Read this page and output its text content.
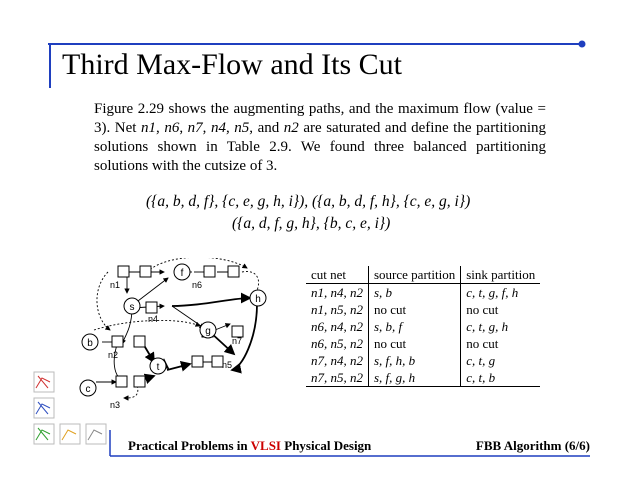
Third Max-Flow and Its Cut
Figure 2.29 shows the augmenting paths, and the maximum flow (value = 3). Net n1, n6, n7, n4, n5, and n2 are saturated and define the partitioning solutions shown in Table 2.9. We found three balanced partitioning solutions with the cutsize of 3.
({a, b, d, f}, {c, e, g, h, i}), ({a, b, d, f, h}, {c, e, g, i})
({a, d, f, g, h}, {b, c, e, i})
f
s
h
g
b
t
c
n1	n6
n4
n7
n2
n5
n3
cut net	source partition	sink partition
n1, n4, n2	s, b	c, t, g, f, h
n1, n5, n2	no cut	no cut
n6, n4, n2	s, b, f	c, t, g, h
n6, n5, n2	no cut	no cut
n7, n4, n2	s, f, h, b	c, t, g
n7, n5, n2	s, f, g, h	c, t, b
Practical Problems in VLSI Physical Design	FBB Algorithm (6/6)
